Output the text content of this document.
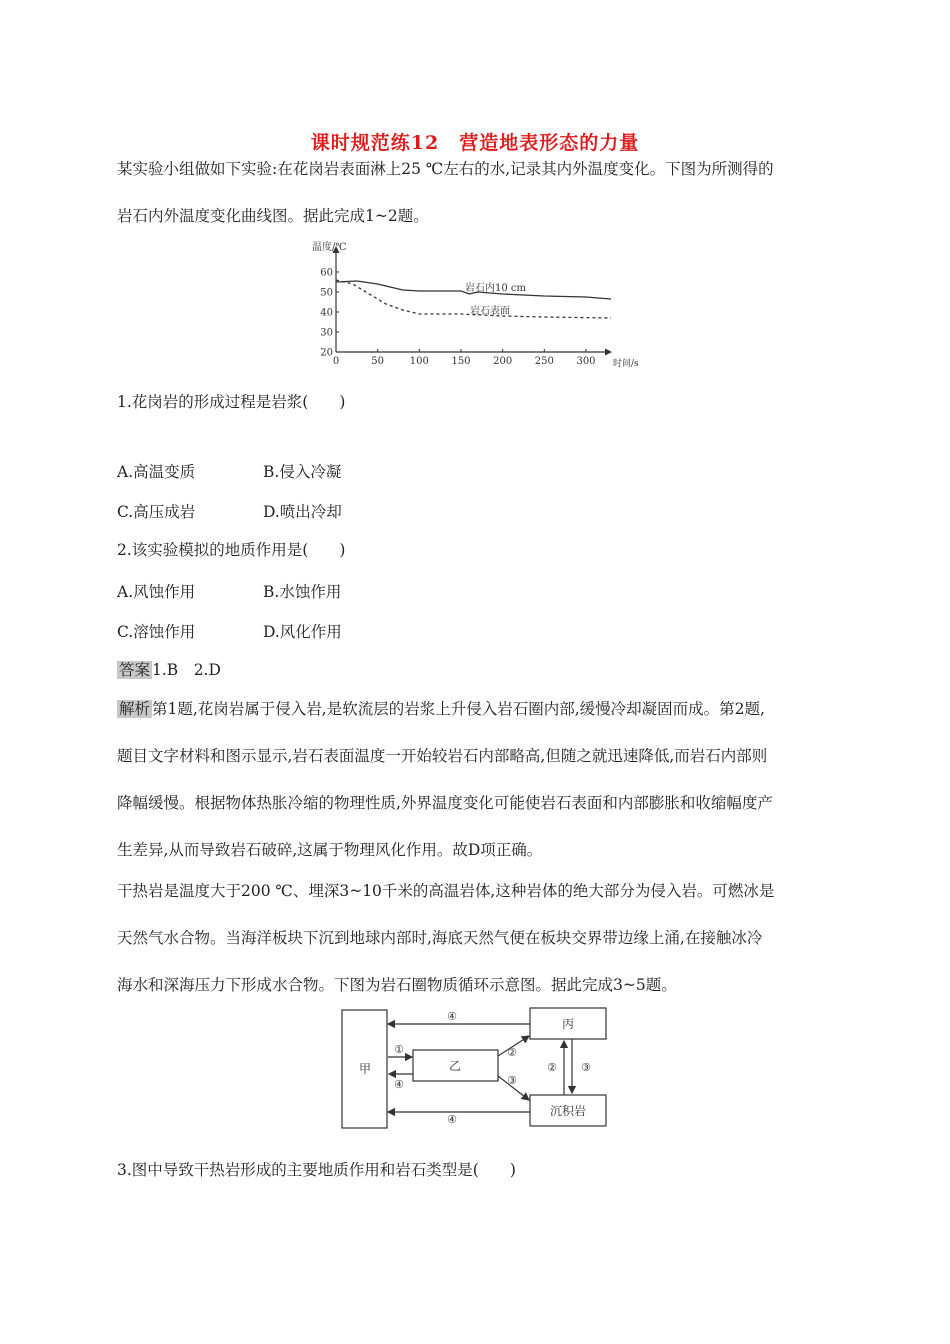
课时规范练12　营造地表形态的力量
某实验小组做如下实验:在花岗岩表面淋上25 ℃左右的水,记录其内外温度变化。下图为所测得的
岩石内外温度变化曲线图。据此完成1~2题。
20
30
40
50
60
0	50	100 150 200 250 300
温度/℃
时间/s
岩石内10 cm
岩石表面
1.花岗岩的形成过程是岩浆(　　)
A.高温变质	B.侵入冷凝
C.高压成岩	D.喷出冷却
2.该实验模拟的地质作用是(　　)
A.风蚀作用	B.水蚀作用
C.溶蚀作用	D.风化作用
答案 1.B　2.D
解析 第1题,花岗岩属于侵入岩,是软流层的岩浆上升侵入岩石圈内部,缓慢冷却凝固而成。第2题,
题目文字材料和图示显示,岩石表面温度一开始较岩石内部略高,但随之就迅速降低,而岩石内部则
降幅缓慢。根据物体热胀冷缩的物理性质,外界温度变化可能使岩石表面和内部膨胀和收缩幅度产
生差异,从而导致岩石破碎,这属于物理风化作用。故D项正确。
干热岩是温度大于200 ℃、埋深3~10千米的高温岩体,这种岩体的绝大部分为侵入岩。可燃冰是
天然气水合物。当海洋板块下沉到地球内部时,海底天然气便在板块交界带边缘上涌,在接触冰冷
海水和深海压力下形成水合物。下图为岩石圈物质循环示意图。据此完成3~5题。
甲	乙
丙
沉积岩
④
①
④
②
③
② ③
④
3.图中导致干热岩形成的主要地质作用和岩石类型是(　　)
